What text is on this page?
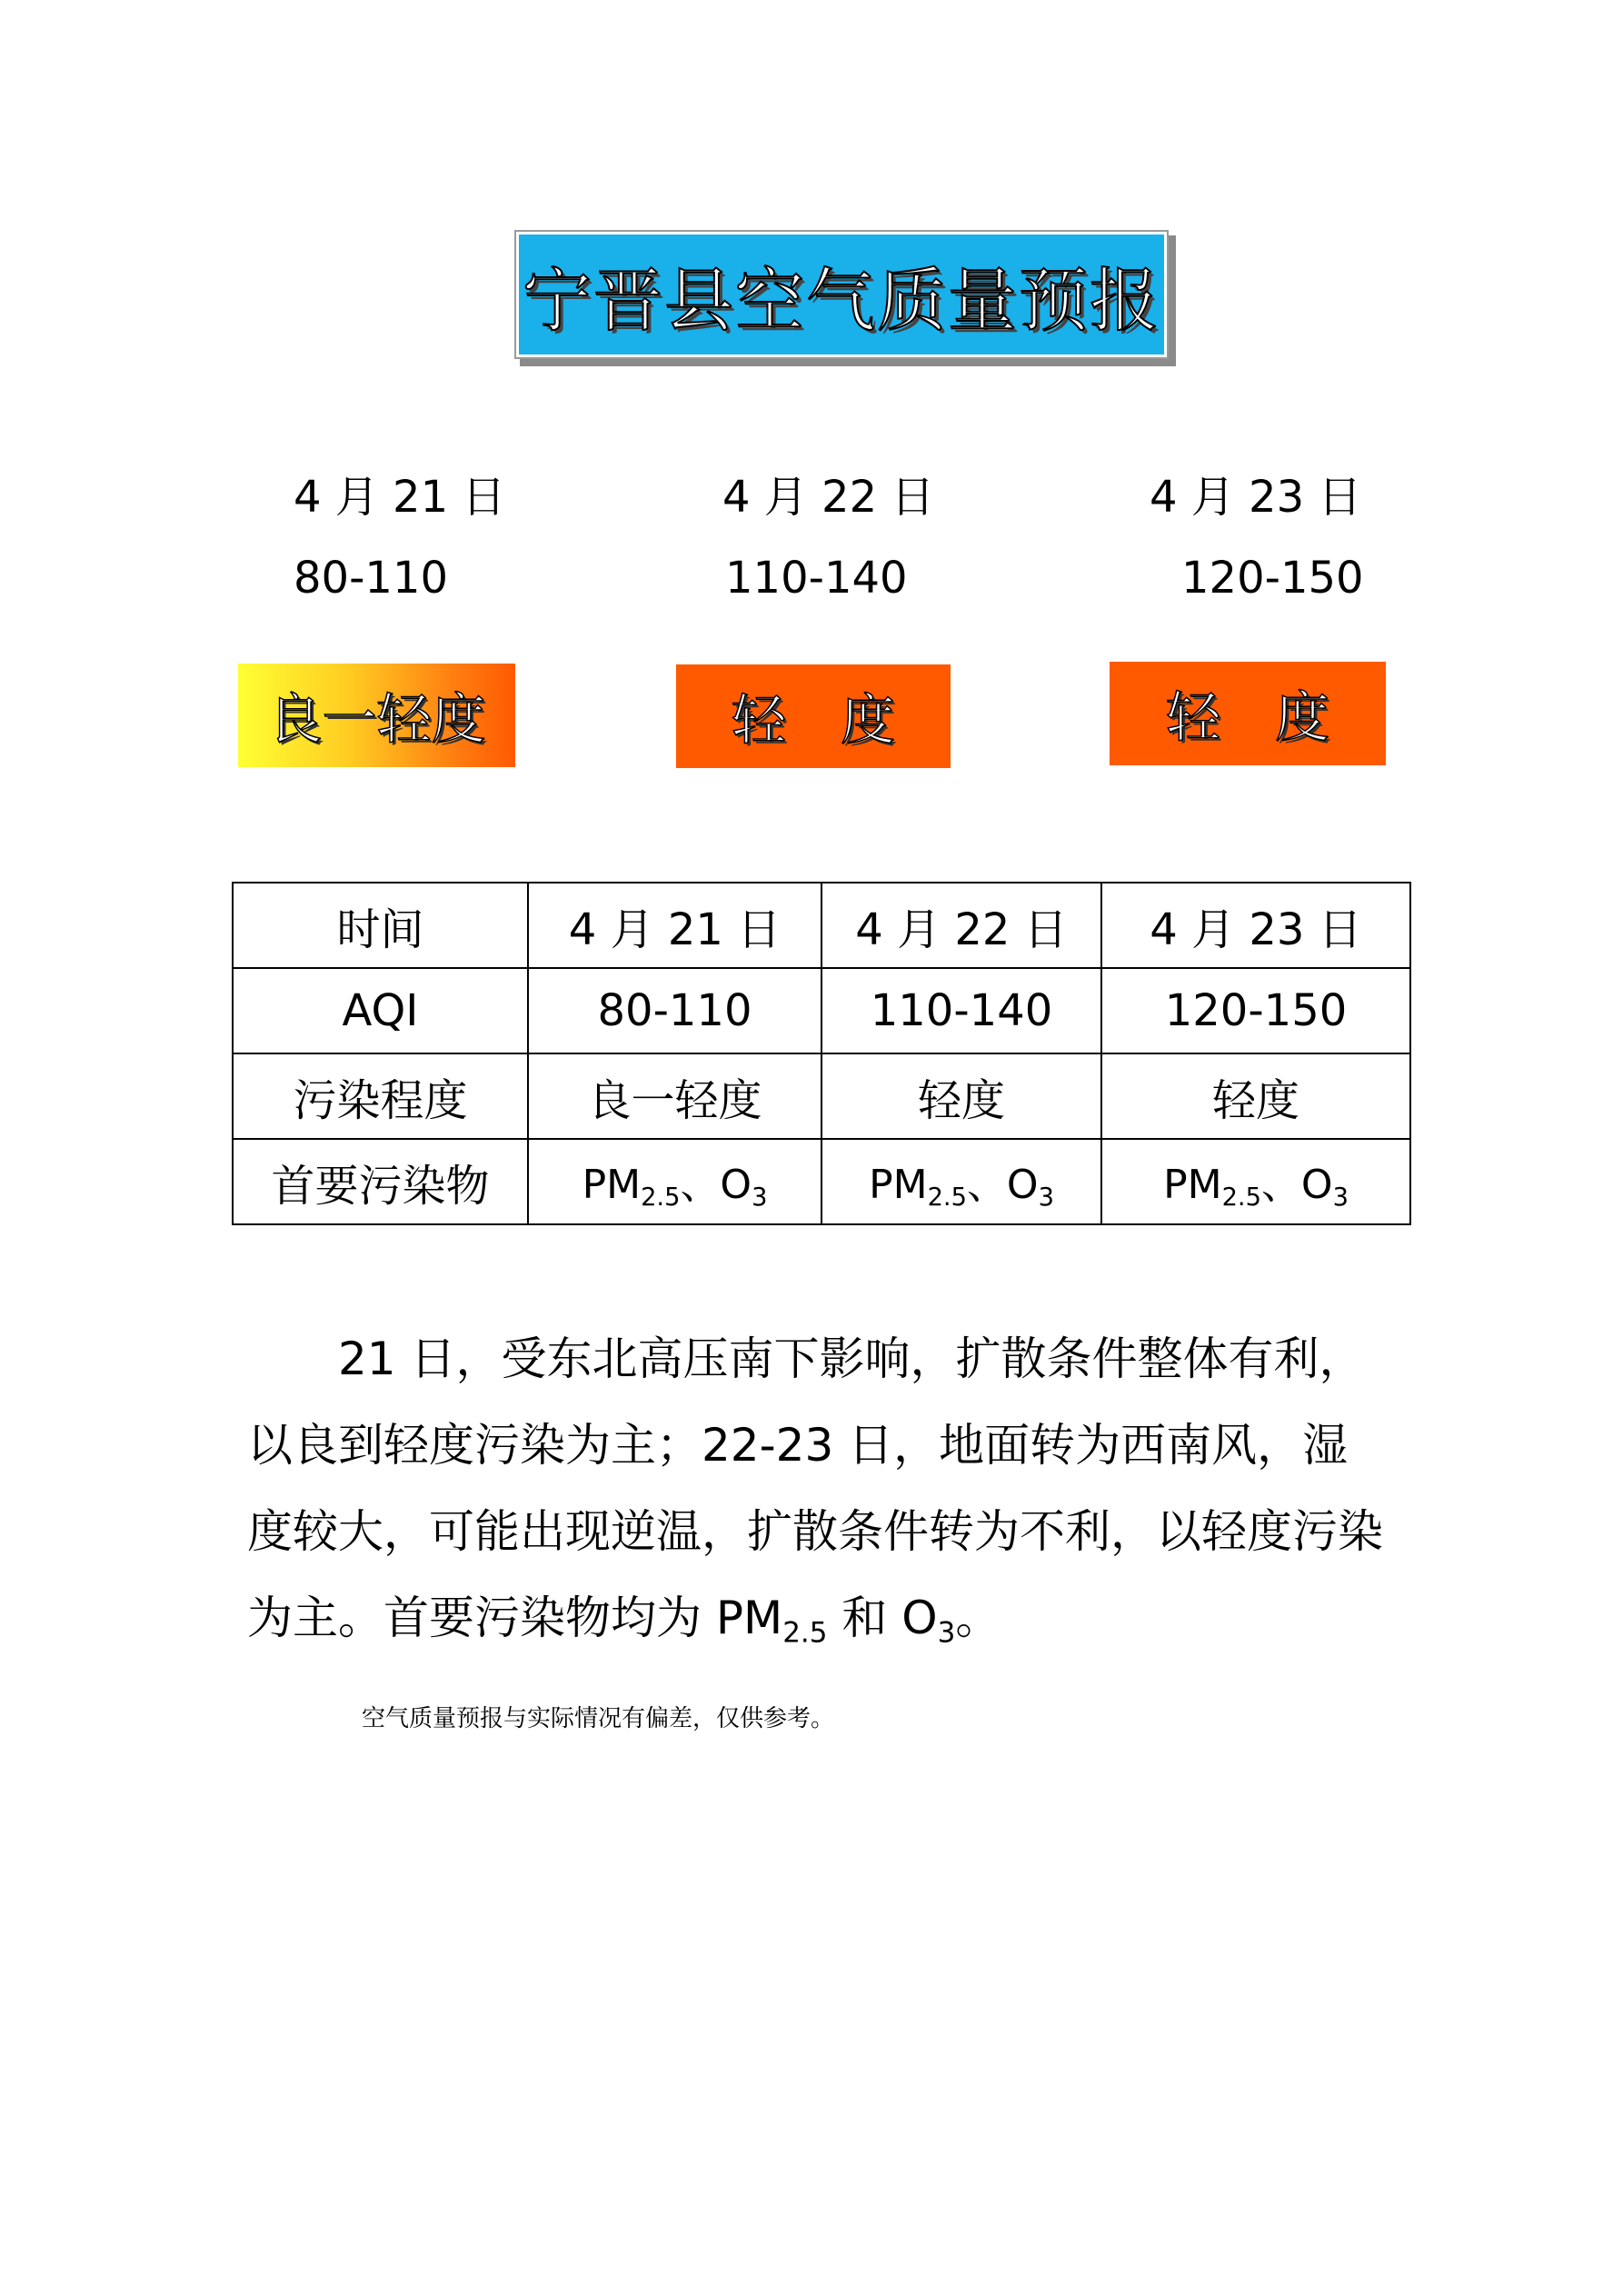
宁晋县空气质量预报
4 月 21 日	4 月 22 日	4 月 23 日
80-110	110-140	120-150
良一轻度	轻 度	轻 度
时间	4 月 21 日	4 月 22 日	4 月 23 日
AQI	80-110	110-140	120-150
污染程度	良一轻度	轻度	轻度
首要污染物	$PM_{2.5}$、$O_3$	$PM_{2.5}$、$O_3$	$PM_{2.5}$、$O_3$

21 日，受东北高压南下影响，扩散条件整体有利，以良到轻度污染为主；22-23 日，地面转为西南风，湿度较大，可能出现逆温，扩散条件转为不利，以轻度污染为主。首要污染物均为 $PM_{2.5}$ 和 $O_3$。

空气质量预报与实际情况有偏差，仅供参考。
